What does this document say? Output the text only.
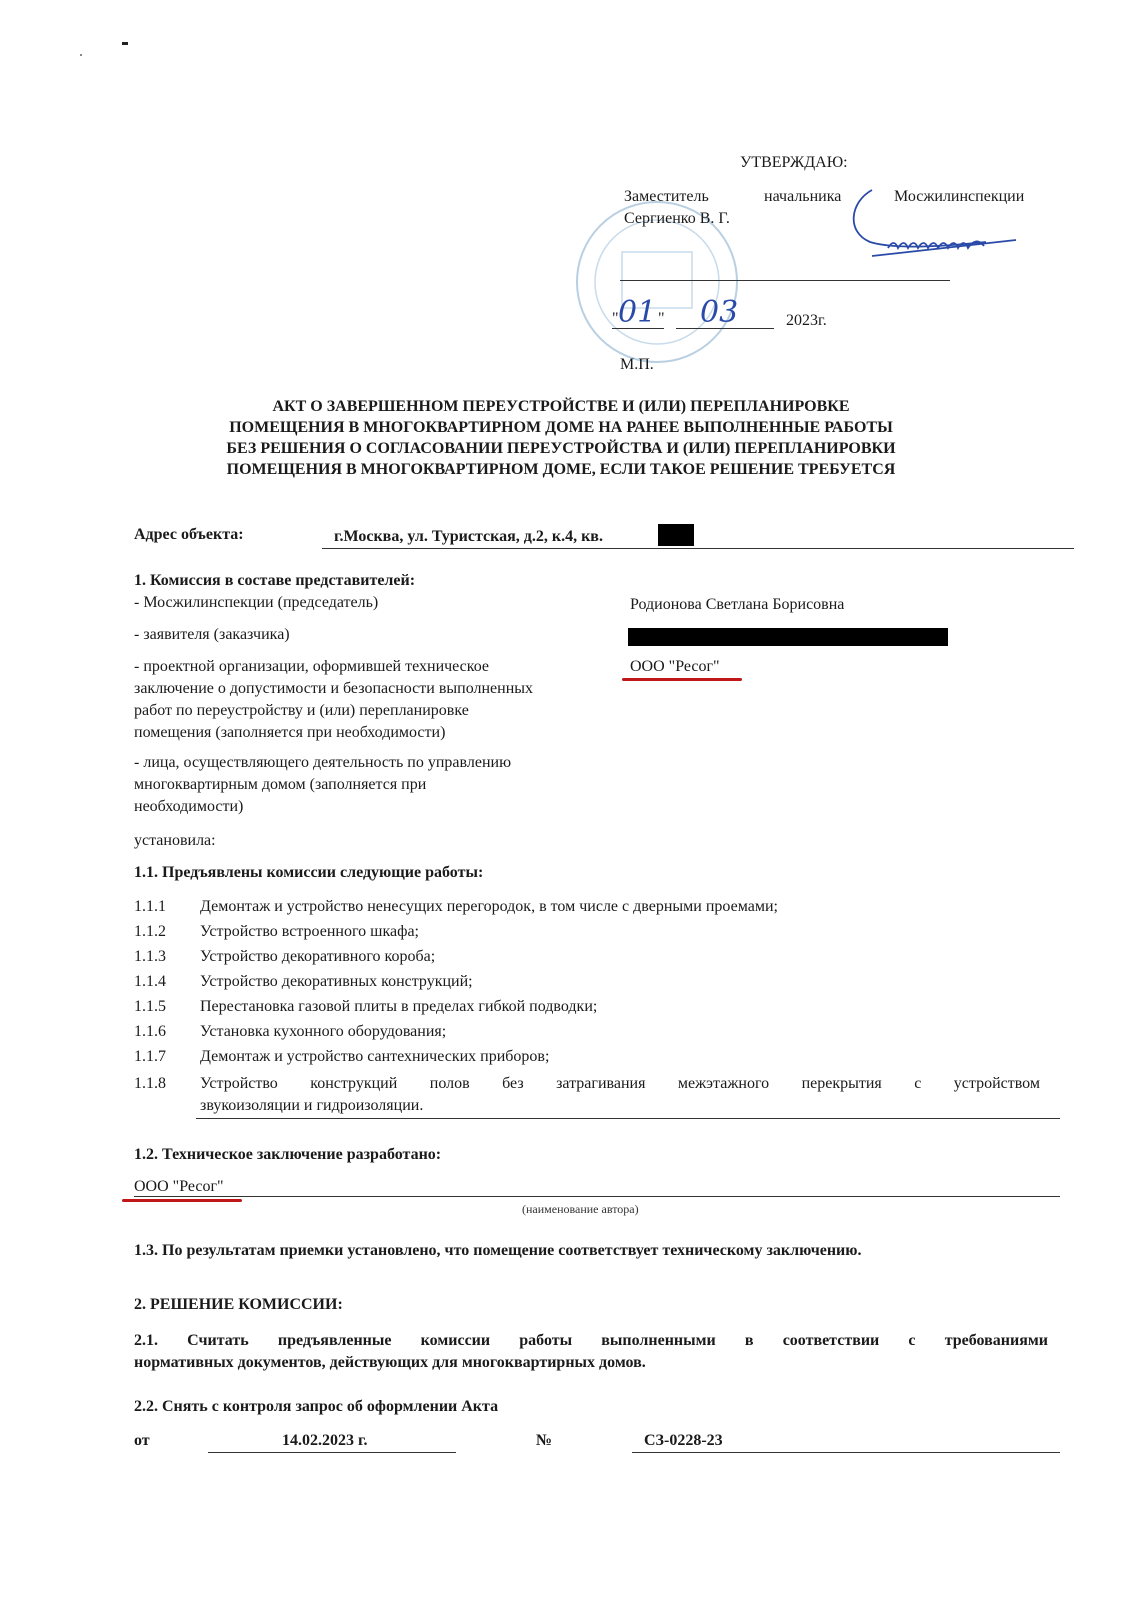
УТВЕРЖДАЮ:
Заместитель	начальника	Мосжилинспекции
Сергиенко В. Г.
" 01 " 03	2023г.
М.П.
АКТ О ЗАВЕРШЕННОМ ПЕРЕУСТРОЙСТВЕ И (ИЛИ) ПЕРЕПЛАНИРОВКЕ
ПОМЕЩЕНИЯ В МНОГОКВАРТИРНОМ ДОМЕ НА РАНЕЕ ВЫПОЛНЕННЫЕ РАБОТЫ
БЕЗ РЕШЕНИЯ О СОГЛАСОВАНИИ ПЕРЕУСТРОЙСТВА И (ИЛИ) ПЕРЕПЛАНИРОВКИ
ПОМЕЩЕНИЯ В МНОГОКВАРТИРНОМ ДОМЕ, ЕСЛИ ТАКОЕ РЕШЕНИЕ ТРЕБУЕТСЯ
Адрес объекта:	г.Москва, ул. Туристская, д.2, к.4, кв.
1. Комиссия в составе представителей:
- Мосжилинспекции (председатель)	Родионова Светлана Борисовна
- заявителя (заказчика)
- проектной организации, оформившей техническое
заключение о допустимости и безопасности выполненных
работ по переустройству и (или) перепланировке
помещения (заполняется при необходимости)
ООО "Ресог"
- лица, осуществляющего деятельность по управлению
многоквартирным домом (заполняется при
необходимости)
установила:
1.1. Предъявлены комиссии следующие работы:
1.1.1 Демонтаж и устройство ненесущих перегородок, в том числе с дверными проемами;
1.1.2 Устройство встроенного шкафа;
1.1.3 Устройство декоративного короба;
1.1.4 Устройство декоративных конструкций;
1.1.5 Перестановка газовой плиты в пределах гибкой подводки;
1.1.6 Установка кухонного оборудования;
1.1.7 Демонтаж и устройство сантехнических приборов;
1.1.8	Устройство конструкций полов без затрагивания межэтажного перекрытия с устройством
звукоизоляции и гидроизоляции.
1.2. Техническое заключение разработано:
ООО "Ресог"
(наименование автора)
1.3. По результатам приемки установлено, что помещение соответствует техническому заключению.
2. РЕШЕНИЕ КОМИССИИ:
2.1. Считать предъявленные комиссии работы выполненными в соответствии с требованиями
нормативных документов, действующих для многоквартирных домов.
2.2. Снять с контроля запрос об оформлении Акта
от	14.02.2023 г.	№	СЗ-0228-23
